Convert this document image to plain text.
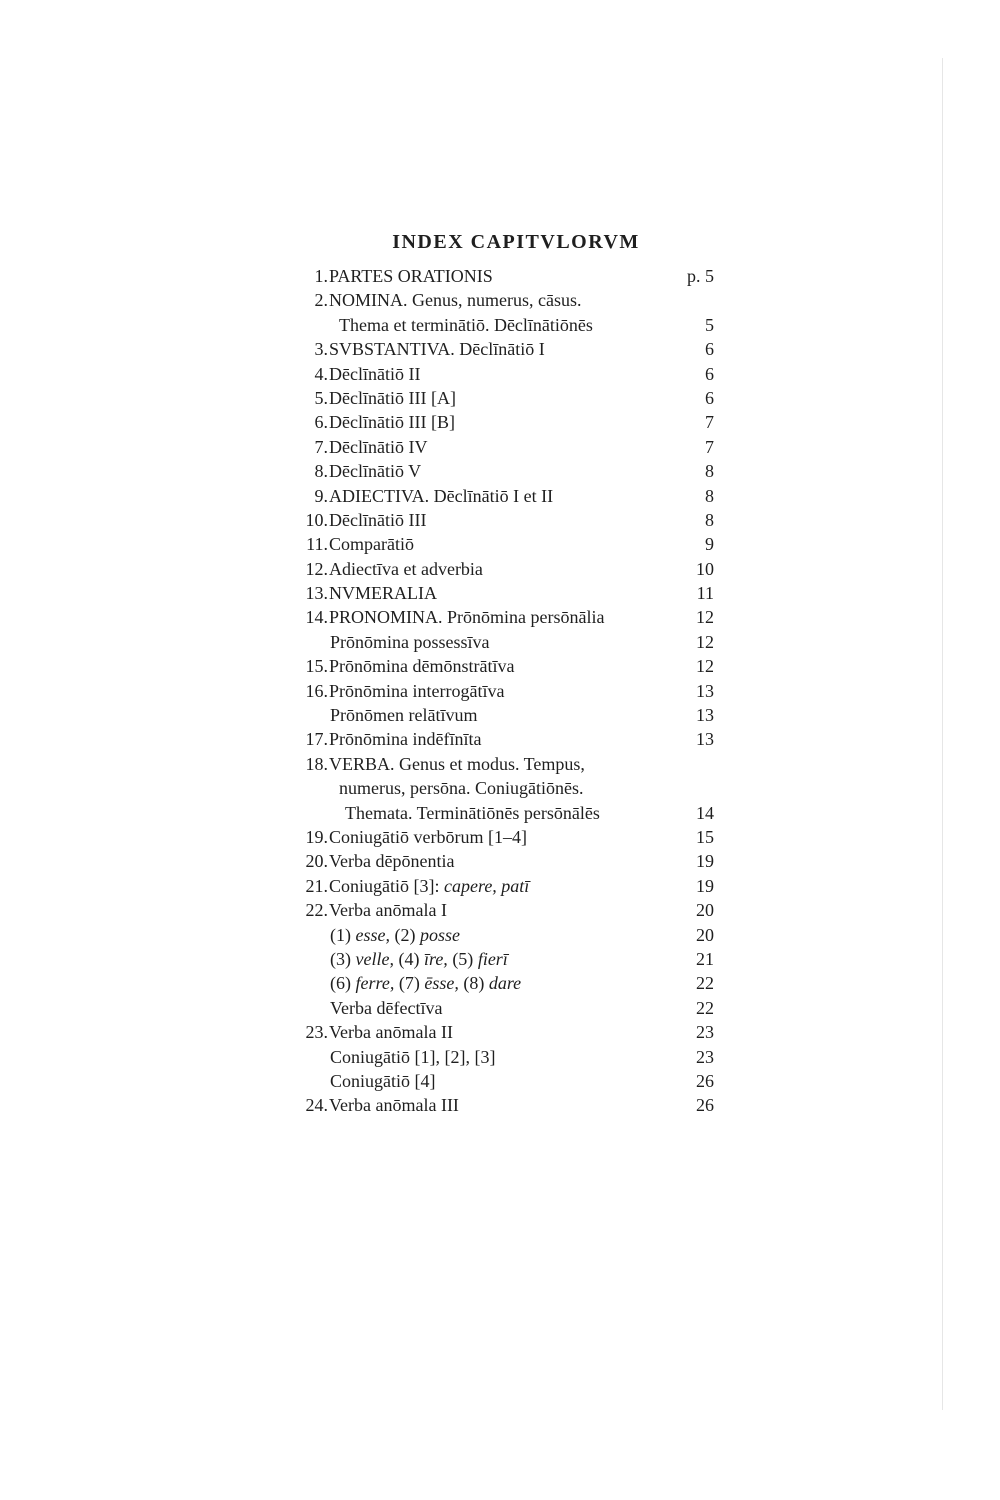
INDEX CAPITVLORVM
1. PARTES ORATIONIS	p. 5
2. NOMINA. Genus, numerus, cāsus.
Thema et terminātiō. Dēclīnātiōnēs	5
3. SVBSTANTIVA. Dēclīnātiō I	6
4. Dēclīnātiō II	6
5. Dēclīnātiō III [A]	6
6. Dēclīnātiō III [B]	7
7. Dēclīnātiō IV	7
8. Dēclīnātiō V	8
9. ADIECTIVA. Dēclīnātiō I et II	8
10. Dēclīnātiō III	8
11. Comparātiō	9
12. Adiectīva et adverbia	10
13. NVMERALIA	11
14. PRONOMINA. Prōnōmina persōnālia	12
Prōnōmina possessīva	12
15. Prōnōmina dēmōnstrātīva	12
16. Prōnōmina interrogātīva	13
Prōnōmen relātīvum	13
17. Prōnōmina indēfīnīta	13
18. VERBA. Genus et modus. Tempus,
numerus, persōna. Coniugātiōnēs.
Themata. Terminātiōnēs persōnālēs	14
19. Coniugātiō verbōrum [1–4]	15
20. Verba dēpōnentia	19
21. Coniugātiō [3]: capere, patī	19
22. Verba anōmala I	20
(1) esse, (2) posse	20
(3) velle, (4) īre, (5) fierī	21
(6) ferre, (7) ēsse, (8) dare	22
Verba dēfectīva	22
23. Verba anōmala II	23
Coniugātiō [1], [2], [3]	23
Coniugātiō [4]	26
24. Verba anōmala III	26
